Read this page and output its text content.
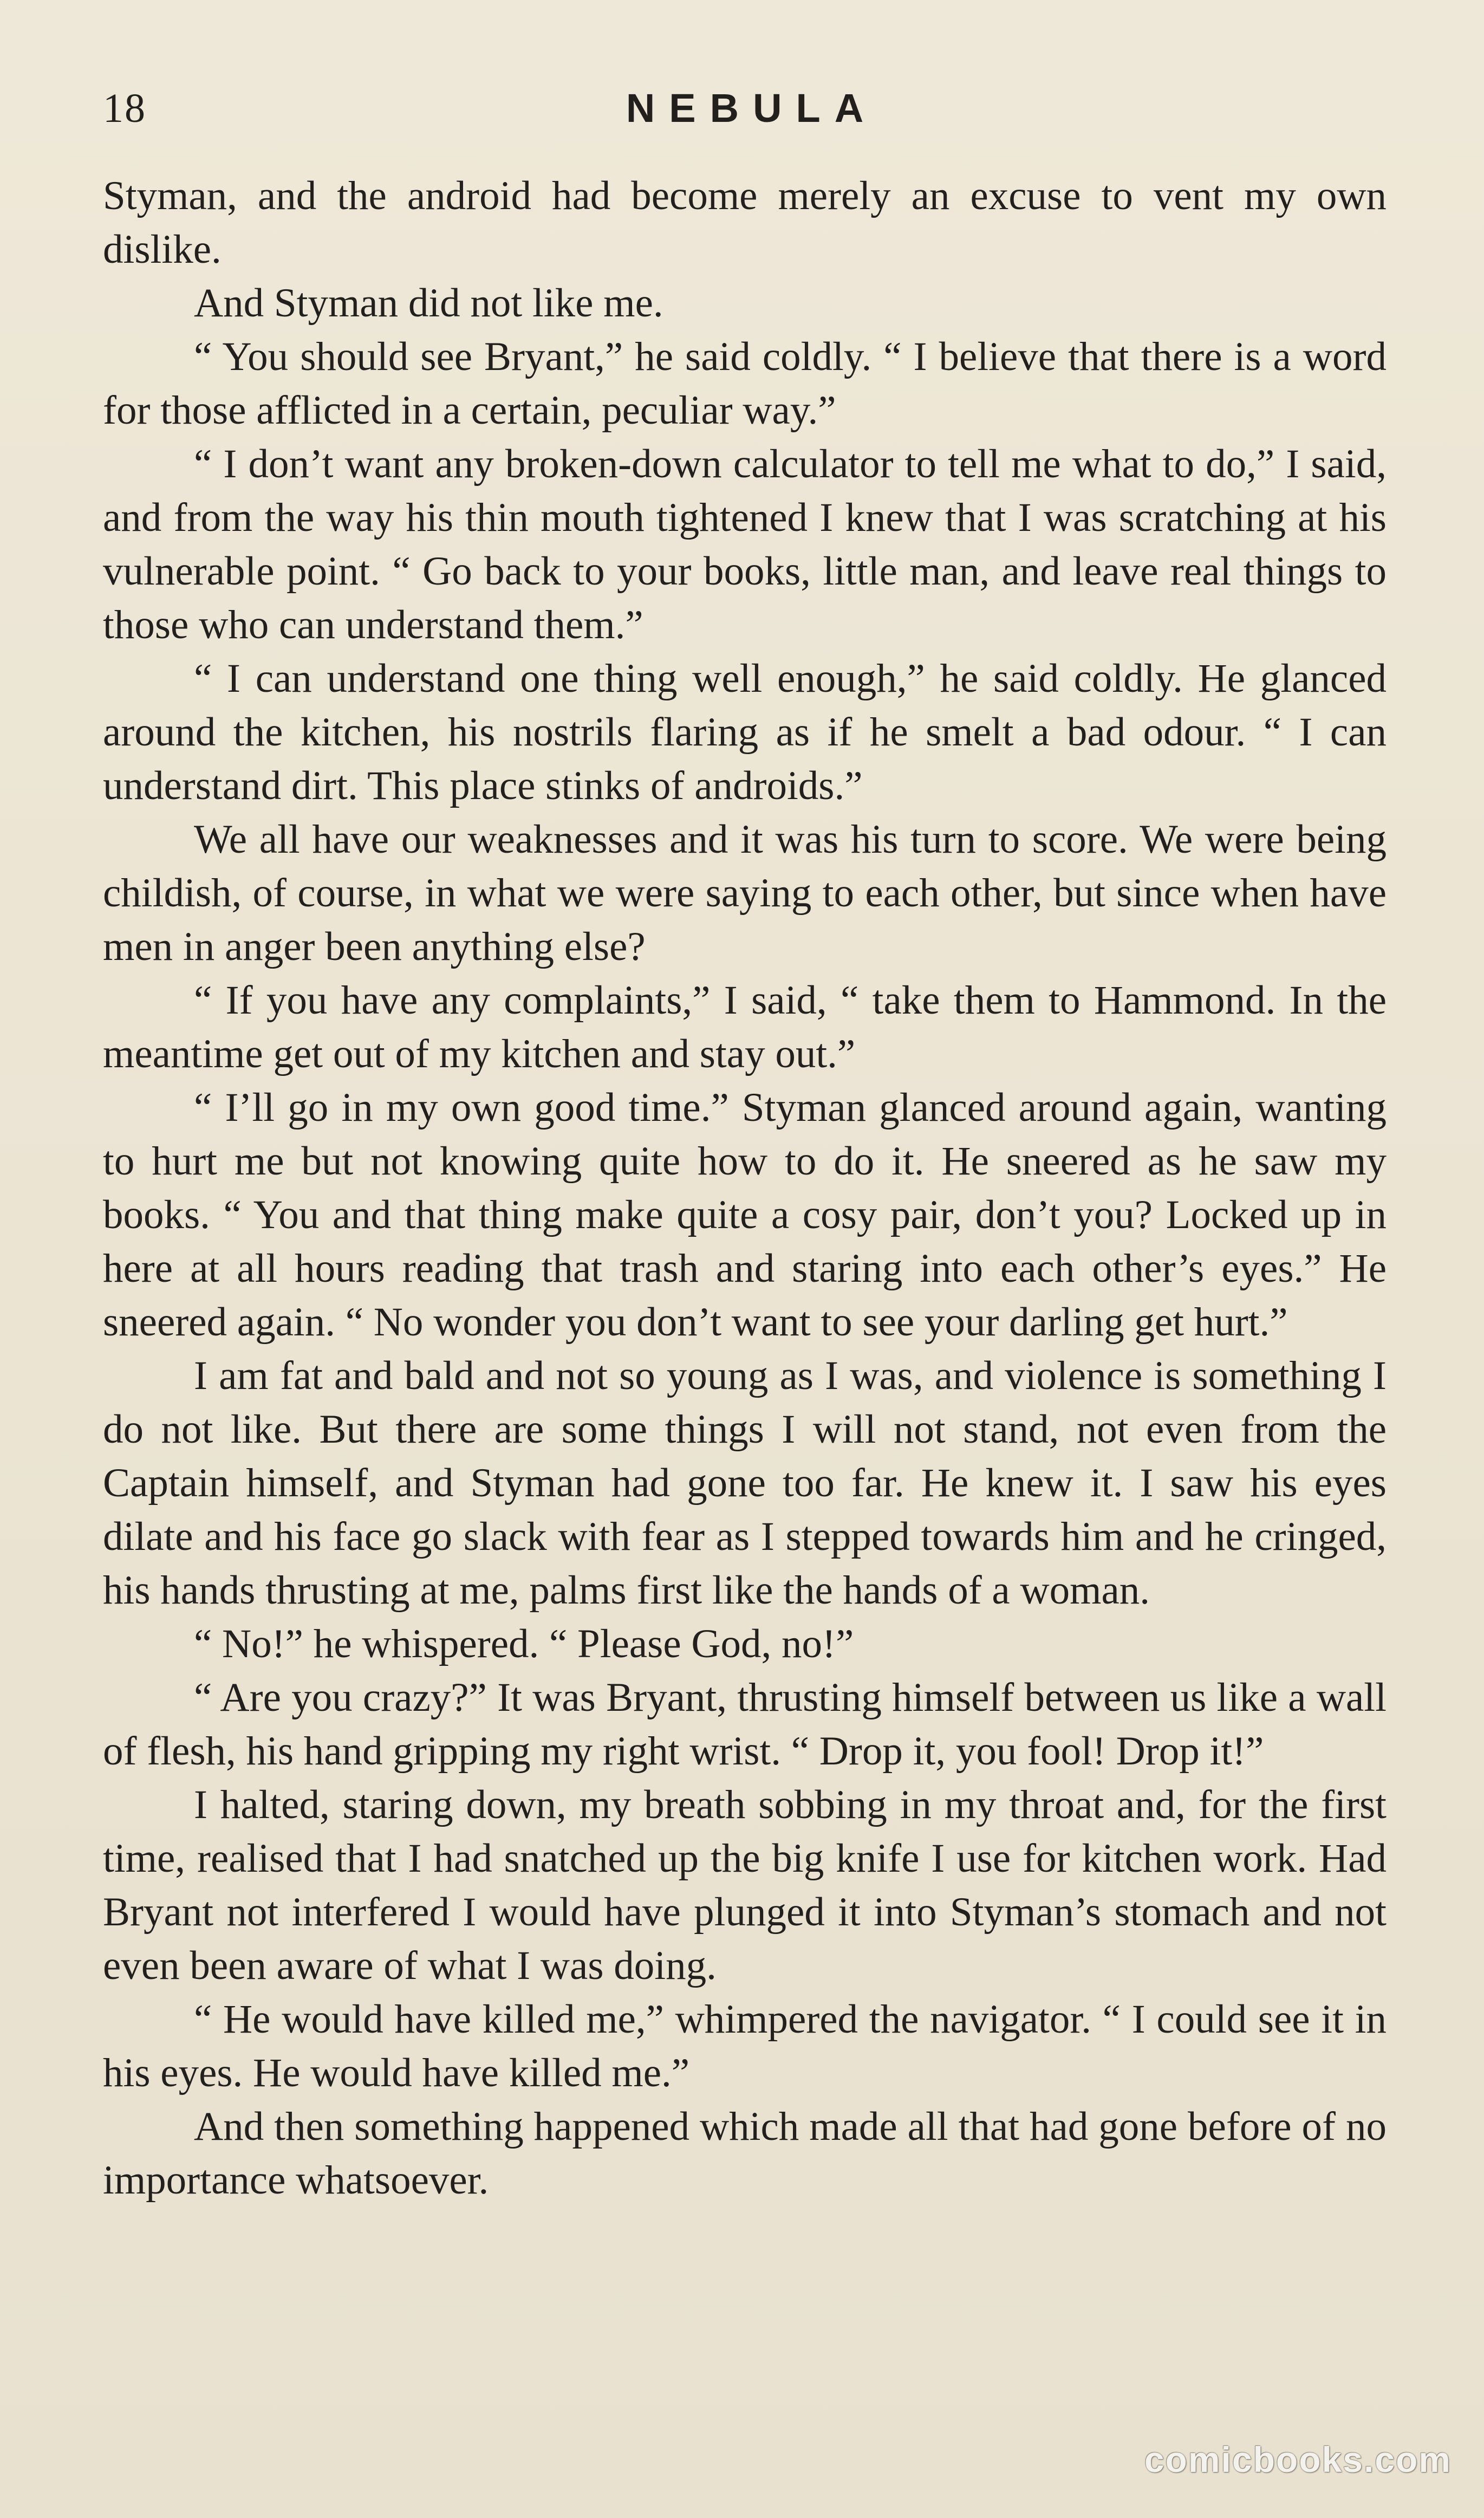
18	NEBULA

Styman, and the android had become merely an excuse to vent my own dislike.

And Styman did not like me.

“ You should see Bryant,” he said coldly. “ I believe that there is a word for those afflicted in a certain, peculiar way.”

“ I don’t want any broken-down calculator to tell me what to do,” I said, and from the way his thin mouth tightened I knew that I was scratching at his vulnerable point. “ Go back to your books, little man, and leave real things to those who can understand them.”

“ I can understand one thing well enough,” he said coldly. He glanced around the kitchen, his nostrils flaring as if he smelt a bad odour. “ I can understand dirt. This place stinks of androids.”

We all have our weaknesses and it was his turn to score. We were being childish, of course, in what we were saying to each other, but since when have men in anger been anything else?

“ If you have any complaints,” I said, “ take them to Hammond. In the meantime get out of my kitchen and stay out.”

“ I’ll go in my own good time.” Styman glanced around again, wanting to hurt me but not knowing quite how to do it. He sneered as he saw my books. “ You and that thing make quite a cosy pair, don’t you? Locked up in here at all hours reading that trash and staring into each other’s eyes.” He sneered again. “ No wonder you don’t want to see your darling get hurt.”

I am fat and bald and not so young as I was, and violence is something I do not like. But there are some things I will not stand, not even from the Captain himself, and Styman had gone too far. He knew it. I saw his eyes dilate and his face go slack with fear as I stepped towards him and he cringed, his hands thrusting at me, palms first like the hands of a woman.

“ No!” he whispered. “ Please God, no!”

“ Are you crazy?” It was Bryant, thrusting himself between us like a wall of flesh, his hand gripping my right wrist. “ Drop it, you fool! Drop it!”

I halted, staring down, my breath sobbing in my throat and, for the first time, realised that I had snatched up the big knife I use for kitchen work. Had Bryant not interfered I would have plunged it into Styman’s stomach and not even been aware of what I was doing.

“ He would have killed me,” whimpered the navigator. “ I could see it in his eyes. He would have killed me.”

And then something happened which made all that had gone before of no importance whatsoever.

comicbooks.com
